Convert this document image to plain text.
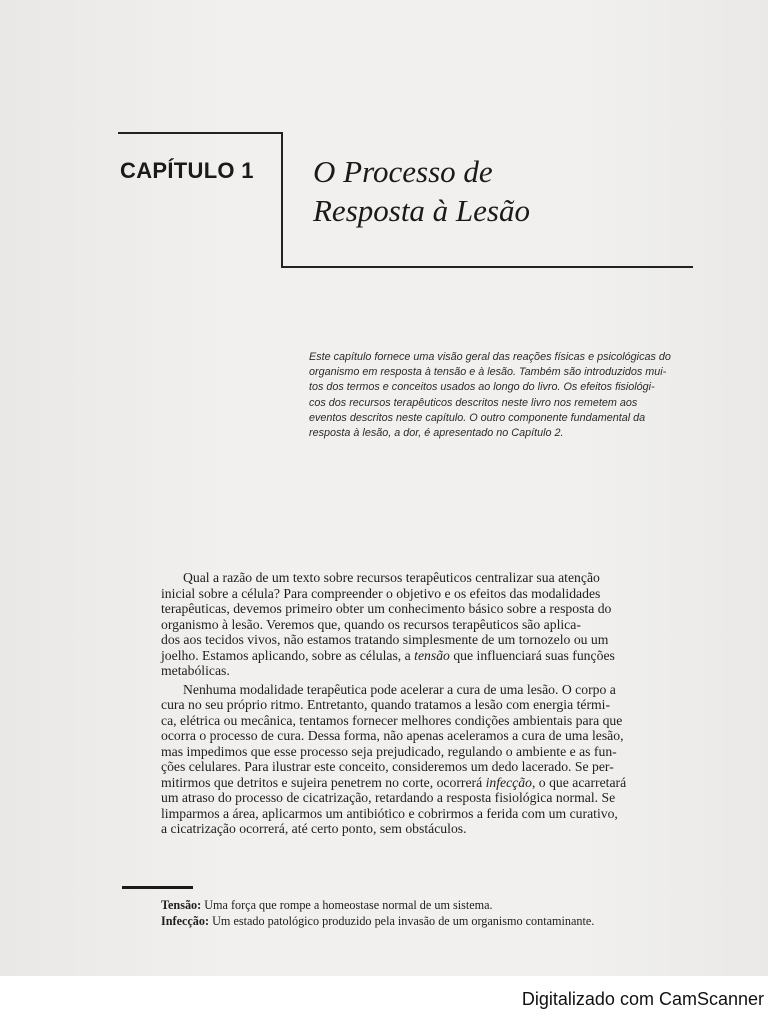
CAPÍTULO 1 O Processo de
Resposta à Lesão
Este capítulo fornece uma visão geral das reações físicas e psicológicas do
organismo em resposta à tensão e à lesão. Também são introduzidos mui-
tos dos termos e conceitos usados ao longo do livro. Os efeitos fisiológi-
cos dos recursos terapêuticos descritos neste livro nos remetem aos
eventos descritos neste capítulo. O outro componente fundamental da
resposta à lesão, a dor, é apresentado no Capítulo 2.
Qual a razão de um texto sobre recursos terapêuticos centralizar sua atenção
inicial sobre a célula? Para compreender o objetivo e os efeitos das modalidades
terapêuticas, devemos primeiro obter um conhecimento básico sobre a resposta do
organismo à lesão. Veremos que, quando os recursos terapêuticos são aplica-
dos aos tecidos vivos, não estamos tratando simplesmente de um tornozelo ou um
joelho. Estamos aplicando, sobre as células, a tensão que influenciará suas funções
metabólicas.
Nenhuma modalidade terapêutica pode acelerar a cura de uma lesão. O corpo a
cura no seu próprio ritmo. Entretanto, quando tratamos a lesão com energia térmi-
ca, elétrica ou mecânica, tentamos fornecer melhores condições ambientais para que
ocorra o processo de cura. Dessa forma, não apenas aceleramos a cura de uma lesão,
mas impedimos que esse processo seja prejudicado, regulando o ambiente e as fun-
ções celulares. Para ilustrar este conceito, consideremos um dedo lacerado. Se per-
mitirmos que detritos e sujeira penetrem no corte, ocorrerá infecção, o que acarretará
um atraso do processo de cicatrização, retardando a resposta fisiológica normal. Se
limparmos a área, aplicarmos um antibiótico e cobrirmos a ferida com um curativo,
a cicatrização ocorrerá, até certo ponto, sem obstáculos.
Tensão: Uma força que rompe a homeostase normal de um sistema.
Infecção: Um estado patológico produzido pela invasão de um organismo contaminante.
Digitalizado com CamScanner
